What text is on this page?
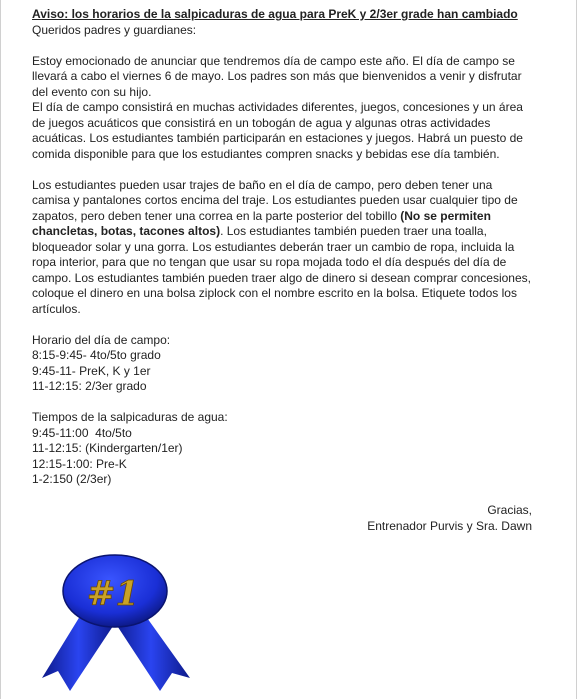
Aviso: los horarios de la salpicaduras de agua para PreK y 2/3er grade han cambiado
Queridos padres y guardianes:
Estoy emocionado de anunciar que tendremos día de campo este año. El día de campo se llevará a cabo el viernes 6 de mayo. Los padres son más que bienvenidos a venir y disfrutar del evento con su hijo.
El día de campo consistirá en muchas actividades diferentes, juegos, concesiones y un área de juegos acuáticos que consistirá en un tobogán de agua y algunas otras actividades acuáticas. Los estudiantes también participarán en estaciones y juegos. Habrá un puesto de comida disponible para que los estudiantes compren snacks y bebidas ese día también.
Los estudiantes pueden usar trajes de baño en el día de campo, pero deben tener una camisa y pantalones cortos encima del traje. Los estudiantes pueden usar cualquier tipo de zapatos, pero deben tener una correa en la parte posterior del tobillo (No se permiten chancletas, botas, tacones altos). Los estudiantes también pueden traer una toalla, bloqueador solar y una gorra. Los estudiantes deberán traer un cambio de ropa, incluida la ropa interior, para que no tengan que usar su ropa mojada todo el día después del día de campo. Los estudiantes también pueden traer algo de dinero si desean comprar concesiones, coloque el dinero en una bolsa ziplock con el nombre escrito en la bolsa. Etiquete todos los artículos.
Horario del día de campo:
8:15-9:45- 4to/5to grado
9:45-11- PreK, K y 1er
11-12:15: 2/3er grado
Tiempos de la salpicaduras de agua:
9:45-11:00  4to/5to
11-12:15: (Kindergarten/1er)
12:15-1:00: Pre-K
1-2:150 (2/3er)
Gracias,
Entrenador Purvis y Sra. Dawn
#1
